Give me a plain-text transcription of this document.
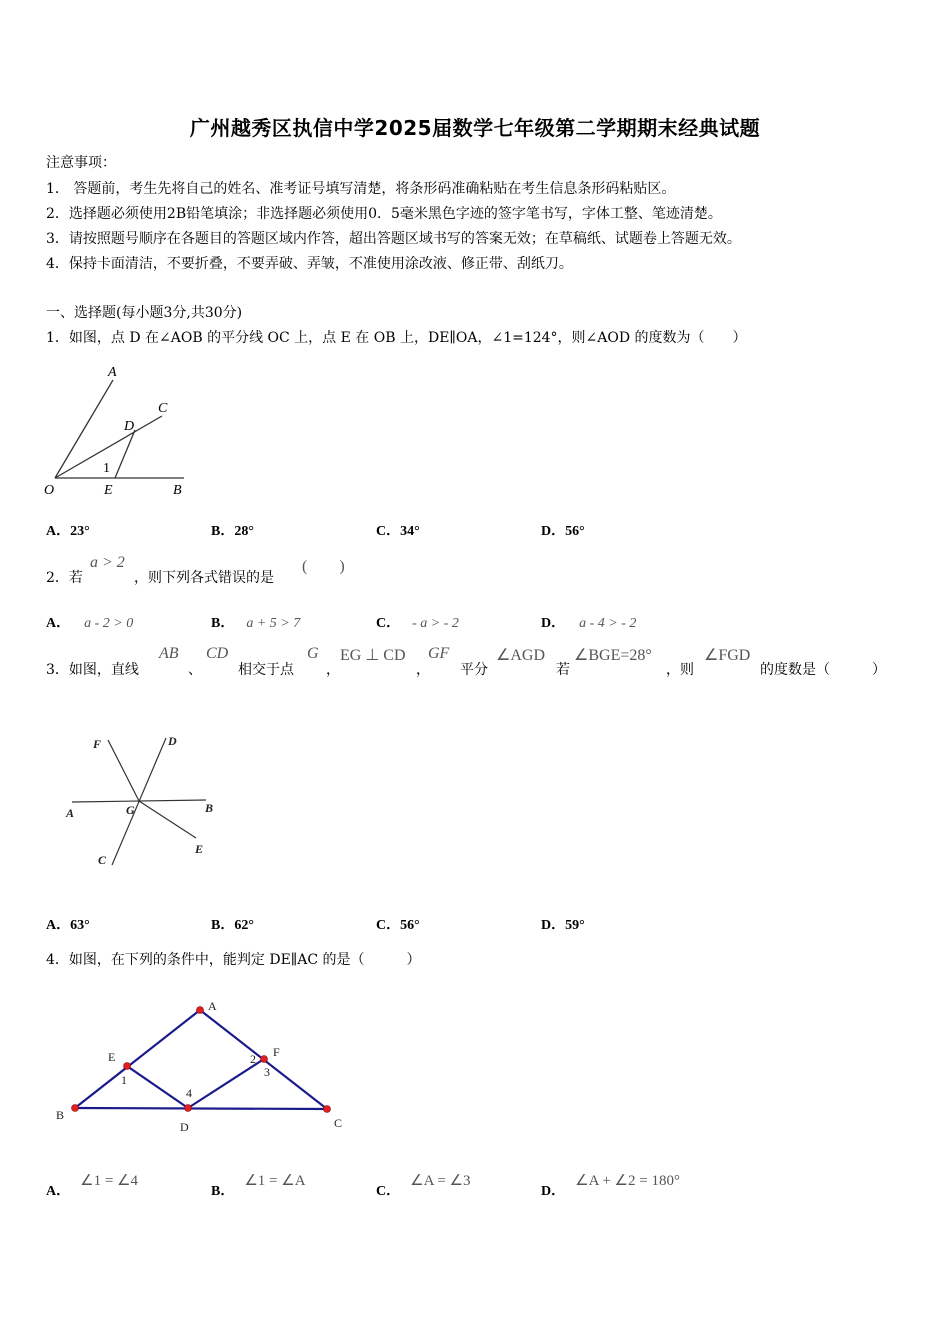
广州越秀区执信中学2025届数学七年级第二学期期末经典试题
注意事项：
1． 答题前，考生先将自己的姓名、准考证号填写清楚，将条形码准确粘贴在考生信息条形码粘贴区。
2．选择题必须使用2B铅笔填涂；非选择题必须使用0．5毫米黑色字迹的签字笔书写，字体工整、笔迹清楚。
3．请按照题号顺序在各题目的答题区域内作答，超出答题区域书写的答案无效；在草稿纸、试题卷上答题无效。
4．保持卡面清洁，不要折叠，不要弄破、弄皱，不准使用涂改液、修正带、刮纸刀。
一、选择题(每小题3分,共30分)
1．如图，点 D 在∠AOB 的平分线 OC 上，点 E 在 OB 上，DE∥OA，∠1=124°，则∠AOD 的度数为（　　）
A
C
D
1
O	E	B
A．23°	B．28°	C．34°	D．56°
2．若
a > 2
，则下列各式错误的是
(　　)
A． a - 2 > 0	B． a + 5 > 7	C． - a > - 2	D． a - 4 > - 2
3．如图，直线
AB
、
CD
相交于点
G
，
EG ⊥ CD
，
GF
平分
∠AGD
若
∠BGE=28°
，则
∠FGD
的度数是（　　　）
F	D
A	G	B
C
E
A．63°	B．62°	C．56°	D．59°
4．如图，在下列的条件中，能判定 DE∥AC 的是（　　　）
A
E
1
2 F
3
4
B
D	C
A．∠1 = ∠4
B．∠1 = ∠A
C．∠A = ∠3
D．∠A + ∠2 = 180°
